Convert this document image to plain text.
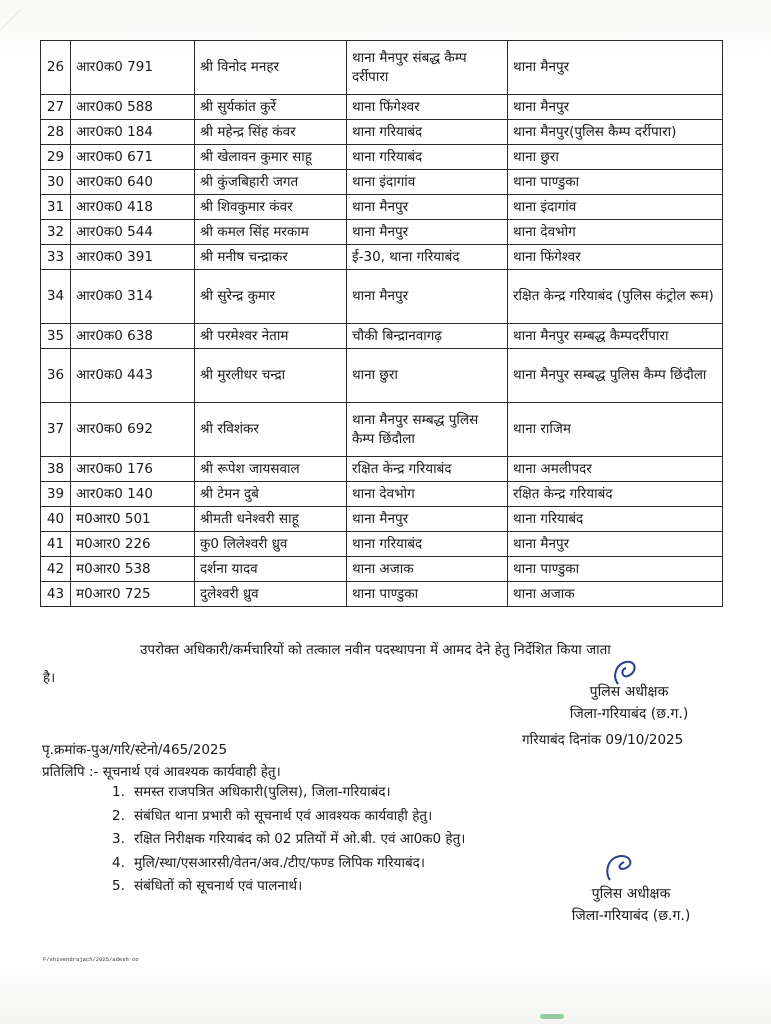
26	आर0क0 791	श्री विनोद मनहर	थाना मैनपुर संबद्ध कैम्प दर्रीपारा	थाना मैनपुर
27	आर0क0 588	श्री सुर्यकांत कुर्रे	थाना फिंगेश्वर	थाना मैनपुर
28	आर0क0 184	श्री महेन्द्र सिंह कंवर	थाना गरियाबंद	थाना मैनपुर(पुलिस कैम्प दर्रीपारा)
29	आर0क0 671	श्री खेलावन कुमार साहू	थाना गरियाबंद	थाना छुरा
30	आर0क0 640	श्री कुंजबिहारी जगत	थाना इंदागांव	थाना पाण्डुका
31	आर0क0 418	श्री शिवकुमार कंवर	थाना मैनपुर	थाना इंदागांव
32	आर0क0 544	श्री कमल सिंह मरकाम	थाना मैनपुर	थाना देवभोग
33	आर0क0 391	श्री मनीष चन्द्राकर	ई-30, थाना गरियाबंद	थाना फिंगेश्वर
34	आर0क0 314	श्री सुरेन्द्र कुमार	थाना मैनपुर	रक्षित केन्द्र गरियाबंद (पुलिस कंट्रोल रूम)
35	आर0क0 638	श्री परमेश्वर नेताम	चौकी बिन्द्रानवागढ़	थाना मैनपुर सम्बद्ध कैम्पदर्रीपारा
36	आर0क0 443	श्री मुरलीधर चन्द्रा	थाना छुरा	थाना मैनपुर सम्बद्ध पुलिस कैम्प छिंदौला
37	आर0क0 692	श्री रविशंकर	थाना मैनपुर सम्बद्ध पुलिस कैम्प छिंदौला	थाना राजिम
38	आर0क0 176	श्री रूपेश जायसवाल	रक्षित केन्द्र गरियाबंद	थाना अमलीपदर
39	आर0क0 140	श्री टेमन दुबे	थाना देवभोग	रक्षित केन्द्र गरियाबंद
40	म0आर0 501	श्रीमती धनेश्वरी साहू	थाना मैनपुर	थाना गरियाबंद
41	म0आर0 226	कु0 लिलेश्वरी ध्रुव	थाना गरियाबंद	थाना मैनपुर
42	म0आर0 538	दर्शना यादव	थाना अजाक	थाना पाण्डुका
43	म0आर0 725	दुलेश्वरी ध्रुव	थाना पाण्डुका	थाना अजाक
उपरोक्त अधिकारी/कर्मचारियों को तत्काल नवीन पदस्थापना में आमद देने हेतु निर्देशित किया जाता
है।
पुलिस अधीक्षक
जिला-गरियाबंद (छ.ग.)
गरियाबंद दिनांक 09/10/2025
पृ.क्रमांक-पुअ/गरि/स्टेनो/465/2025
प्रतिलिपि :- सूचनार्थ एवं आवश्यक कार्यवाही हेतु।
1. समस्त राजपत्रित अधिकारी(पुलिस), जिला-गरियाबंद।
2. संबंधित थाना प्रभारी को सूचनार्थ एवं आवश्यक कार्यवाही हेतु।
3. रक्षित निरीक्षक गरियाबंद को 02 प्रतियों में ओ.बी. एवं आ0क0 हेतु।
4. मुलि/स्था/एसआरसी/वेतन/अव./टीए/फण्ड लिपिक गरियाबंद।
5. संबंधितों को सूचनार्थ एवं पालनार्थ।	पुलिस अधीक्षक
जिला-गरियाबंद (छ.ग.)
F/shivendrajach/2025/adesh oo
